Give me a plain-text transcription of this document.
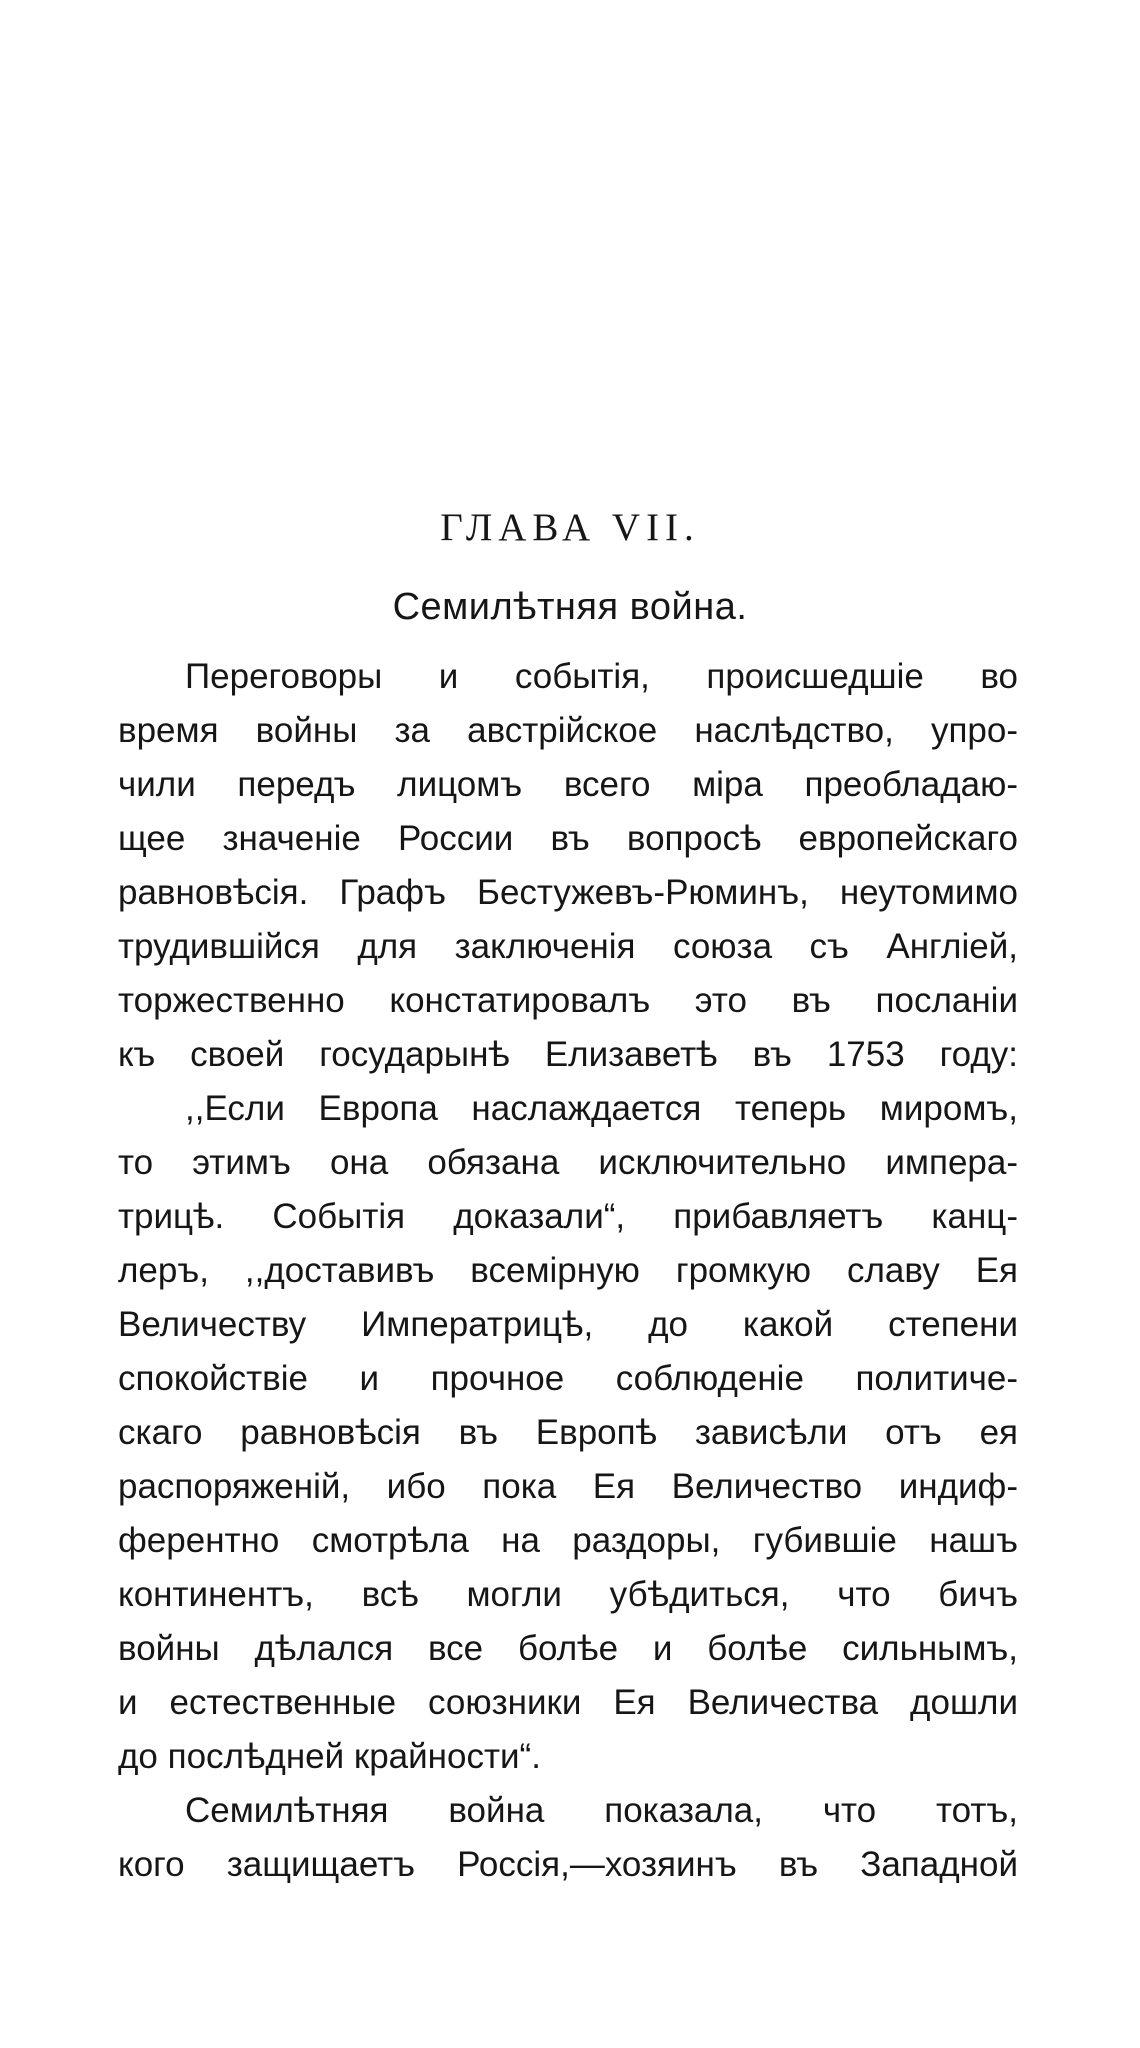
ГЛАВА VII.
Семилѣтняя война.
Переговоры и событія, происшедшіе во
время войны за австрійское наслѣдство, упро-
чили передъ лицомъ всего міра преобладаю-
щее значеніе России въ вопросѣ европейскаго
равновѣсія. Графъ Бестужевъ-Рюминъ, неутомимо
трудившійся для заключенія союза съ Англіей,
торжественно констатировалъ это въ посланіи
къ своей государынѣ Елизаветѣ въ 1753 году:
,,Если Европа наслаждается теперь миромъ,
то этимъ она обязана исключительно импера-
трицѣ. Событія доказали“, прибавляетъ канц-
леръ, ,,доставивъ всемірную громкую славу Ея
Величеству Императрицѣ, до какой степени
спокойствіе и прочное соблюденіе политиче-
скаго равновѣсія въ Европѣ зависѣли отъ ея
распоряженій, ибо пока Ея Величество индиф-
ферентно смотрѣла на раздоры, губившіе нашъ
континентъ, всѣ могли убѣдиться, что бичъ
войны дѣлался все болѣе и болѣе сильнымъ,
и естественные союзники Ея Величества дошли
до послѣдней крайности“.
Семилѣтняя война показала, что тотъ,
кого защищаетъ Россія,—хозяинъ въ Западной
